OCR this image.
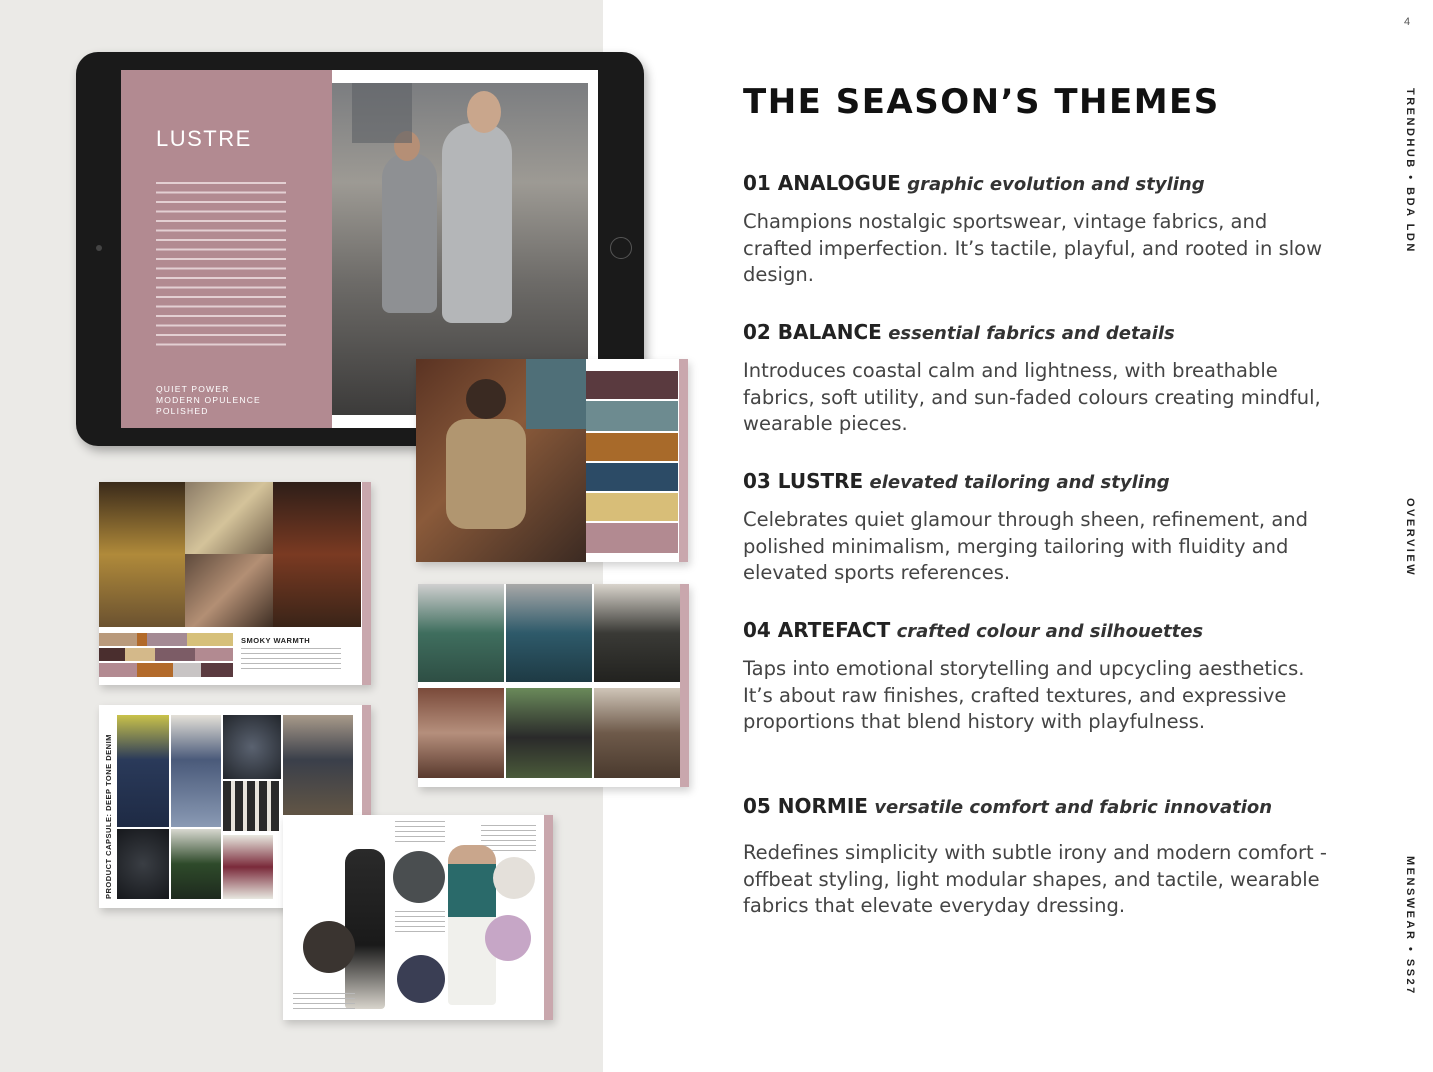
LUSTRE
QUIET POWER
MODERN OPULENCE
POLISHED
SMOKY WARMTH
PRODUCT CAPSULE: DEEP TONE DENIM
4
TRENDHUB • BDA LDN
OVERVIEW
MENSWEAR • SS27
THE SEASON’S THEMES

01 ANALOGUE graphic evolution and styling

Champions nostalgic sportswear, vintage fabrics, and crafted imperfection. It’s tactile, playful, and rooted in slow design.

02 BALANCE essential fabrics and details

Introduces coastal calm and lightness, with breathable fabrics, soft utility, and sun-faded colours creating mindful, wearable pieces.

03 LUSTRE elevated tailoring and styling

Celebrates quiet glamour through sheen, refinement, and polished minimalism, merging tailoring with fluidity and elevated sports references.

04 ARTEFACT crafted colour and silhouettes

Taps into emotional storytelling and upcycling aesthetics. It’s about raw finishes, crafted textures, and expressive proportions that blend history with playfulness.

05 NORMIE versatile comfort and fabric innovation

Redefines simplicity with subtle irony and modern comfort - offbeat styling, light modular shapes, and tactile, wearable fabrics that elevate everyday dressing.
